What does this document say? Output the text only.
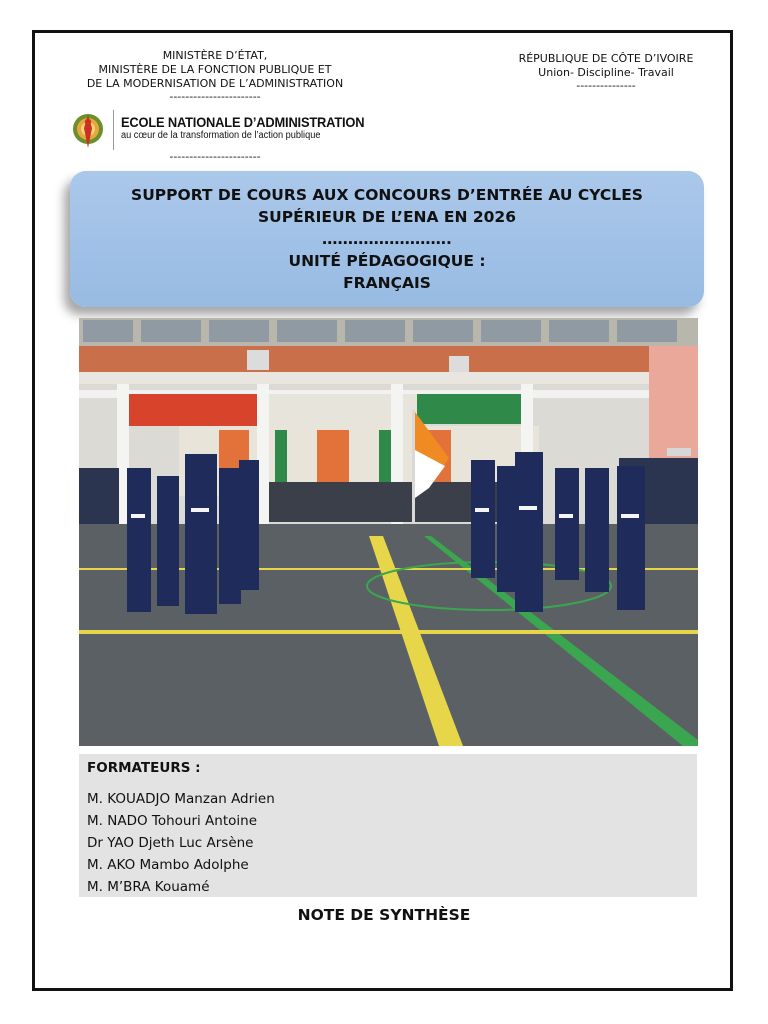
MINISTÈRE D’ÉTAT,
MINISTÈRE DE LA FONCTION PUBLIQUE ET
DE LA MODERNISATION DE L’ADMINISTRATION
-----------------------
RÉPUBLIQUE DE CÔTE D’IVOIRE
Union- Discipline- Travail
---------------
ECOLE NATIONALE D’ADMINISTRATION
au cœur de la transformation de l’action publique
-----------------------
SUPPORT DE COURS AUX CONCOURS D’ENTRÉE AU CYCLES
SUPÉRIEUR DE L’ENA EN 2026
…………………….
UNITÉ PÉDAGOGIQUE :
FRANÇAIS
FORMATEURS :
M. KOUADJO Manzan Adrien
M. NADO Tohouri Antoine
Dr YAO Djeth Luc Arsène
M. AKO Mambo Adolphe
M. M’BRA Kouamé
NOTE DE SYNTHÈSE
